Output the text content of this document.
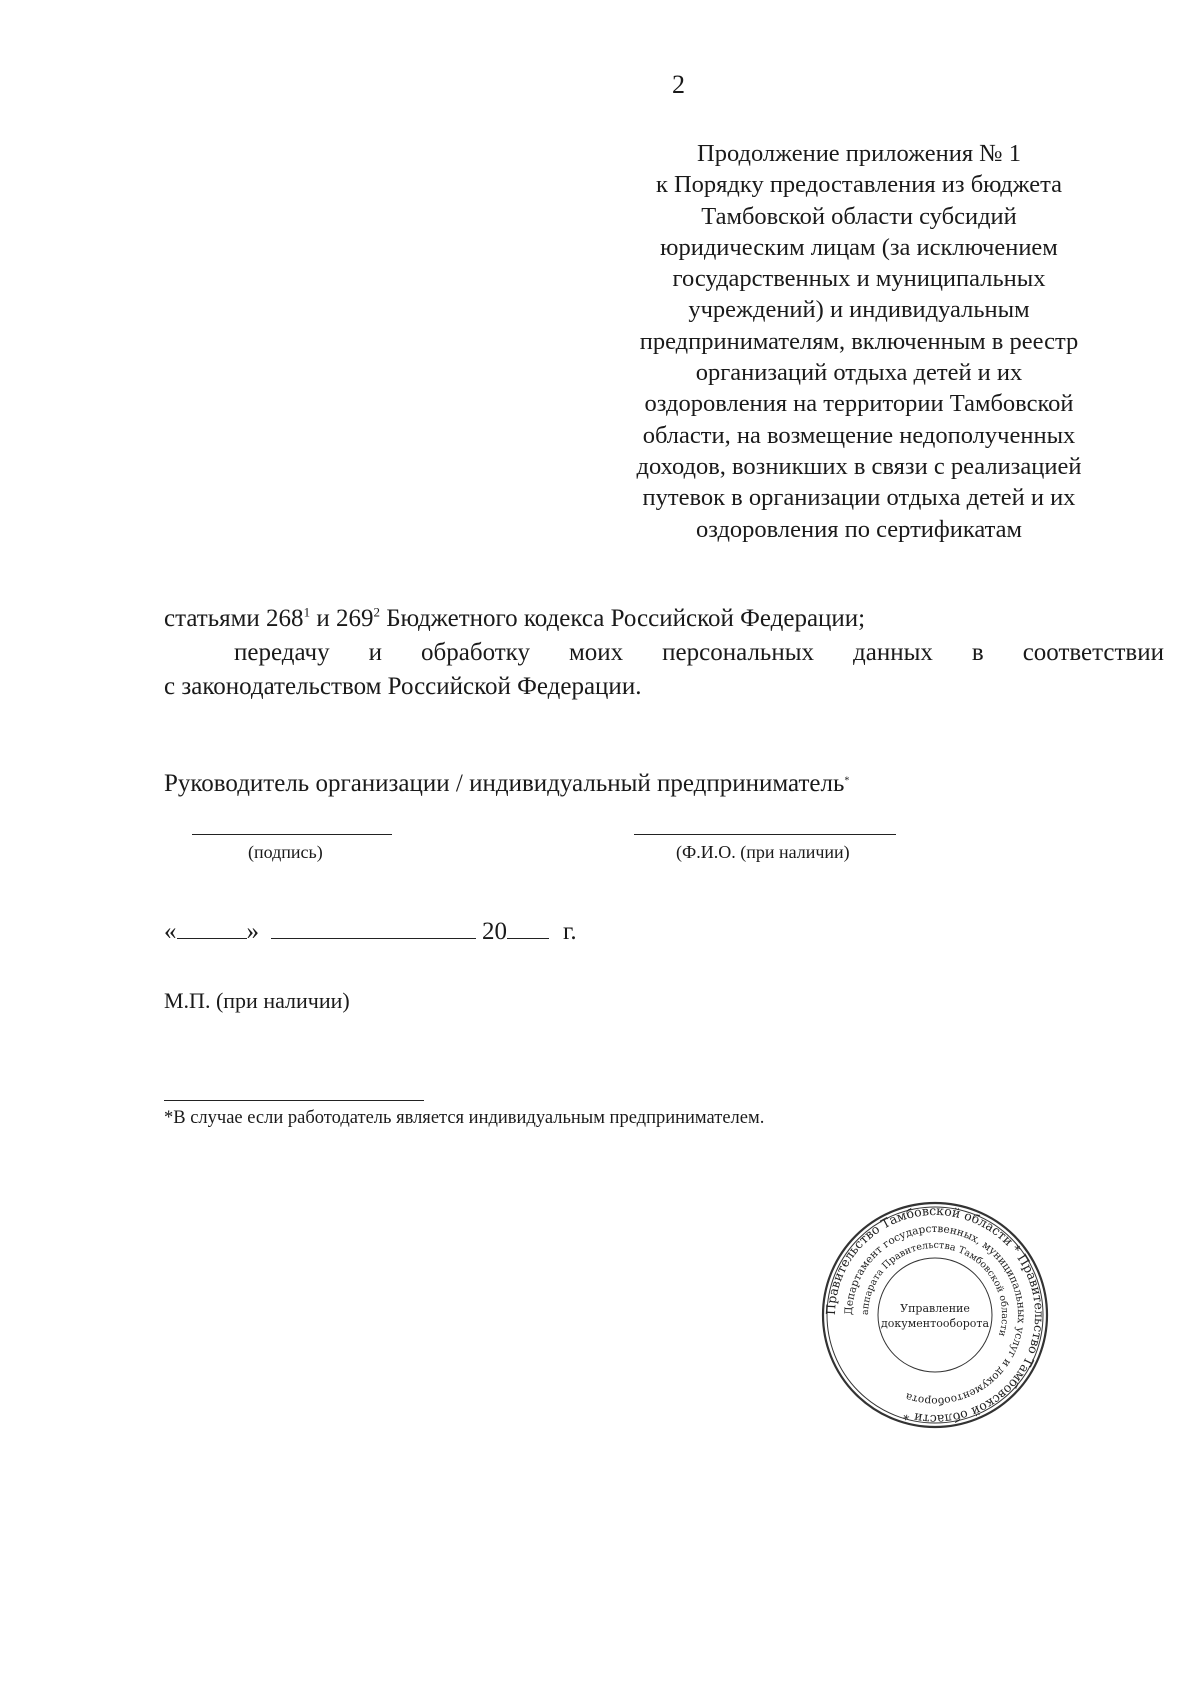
2
Продолжение приложения № 1
к Порядку предоставления из бюджета
Тамбовской области субсидий
юридическим лицам (за исключением
государственных и муниципальных
учреждений) и индивидуальным
предпринимателям, включенным в реестр
организаций отдыха детей и их
оздоровления на территории Тамбовской
области, на возмещение недополученных
доходов, возникших в связи с реализацией
путевок в организации отдыха детей и их
оздоровления по сертификатам
статьями $268^1$ и $269^2$ Бюджетного кодекса Российской Федерации;
передачу и обработку моих персональных данных в соответствии
с законодательством Российской Федерации.
Руководитель организации / индивидуальный предприниматель*
(подпись)	(Ф.И.О. (при наличии)
«	»	20 г.
М.П. (при наличии)
*В случае если работодатель является индивидуальным предпринимателем.
Правительство Тамбовской области * Правительство Тамбовской области *
Департамент государственных, муниципальных услуг и документооборота
аппарата Правительства Тамбовской области
Управление
документооборота
